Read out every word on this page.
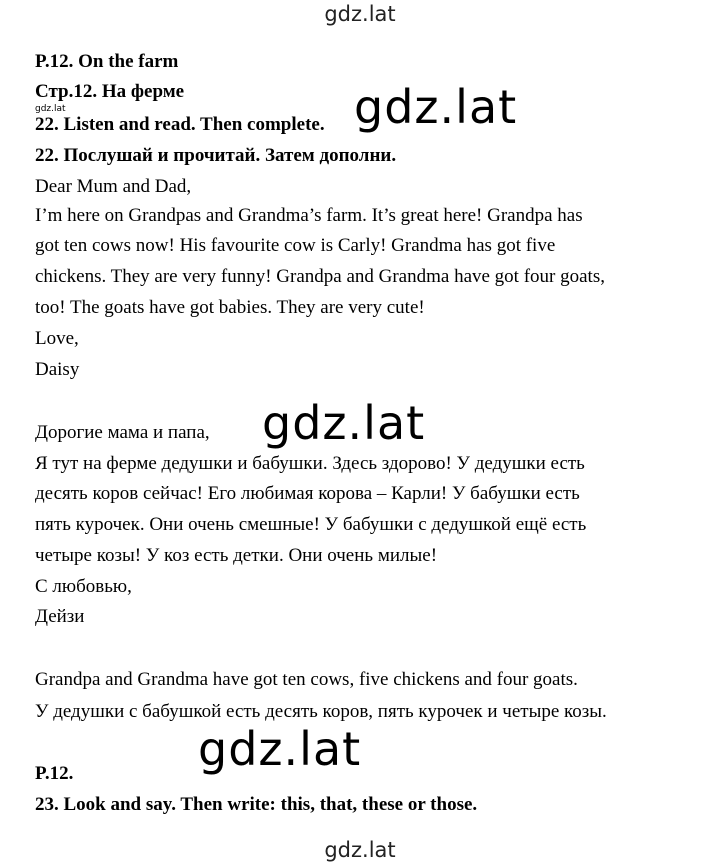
gdz.lat
P.12. On the farm
Стр.12. На ферме
gdz.lat
22. Listen and read. Then complete.
22. Послушай и прочитай. Затем дополни.
Dear Mum and Dad,
I’m here on Grandpas and Grandma’s farm. It’s great here! Grandpa has
got ten cows now! His favourite cow is Carly! Grandma has got five
chickens. They are very funny! Grandpa and Grandma have got four goats,
too! The goats have got babies. They are very cute!
Love,
Daisy
Дорогие мама и папа,
Я тут на ферме дедушки и бабушки. Здесь здорово! У дедушки есть
десять коров сейчас! Его любимая корова – Карли! У бабушки есть
пять курочек. Они очень смешные! У бабушки с дедушкой ещё есть
четыре козы! У коз есть детки. Они очень милые!
С любовью,
Дейзи
Grandpa and Grandma have got ten cows, five chickens and four goats.
У дедушки с бабушкой есть десять коров, пять курочек и четыре козы.
P.12.
23. Look and say. Then write: this, that, these or those.
gdz.lat
gdz.lat
gdz.lat
gdz.lat
